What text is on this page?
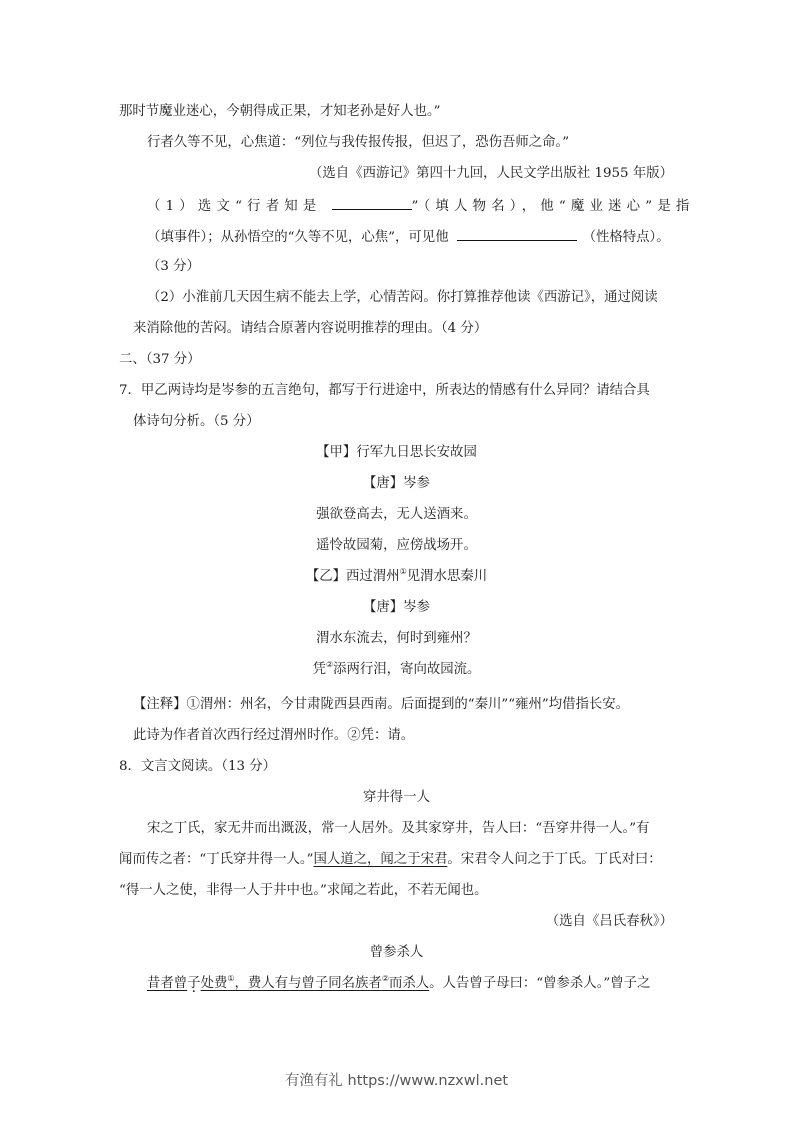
那时节魔业迷心，今朝得成正果，才知老孙是好人也。”
行者久等不见，心焦道：“列位与我传报传报，但迟了，恐伤吾师之命。”
（选自《西游记》第四十九回，人民文学出版社 1955 年版）
（1）选文“行者知是	”（填人物名），他“魔业迷心”是指
（填事件）；从孙悟空的“久等不见，心焦”，可见他	（性格特点）。
（3 分）
（2）小淮前几天因生病不能去上学，心情苦闷。你打算推荐他读《西游记》，通过阅读
来消除他的苦闷。请结合原著内容说明推荐的理由。（4 分）
二、（37 分）
7．甲乙两诗均是岑参的五言绝句，都写于行进途中，所表达的情感有什么异同？请结合具
体诗句分析。（5 分）
【甲】行军九日思长安故园
【唐】岑参
强欲登高去，无人送酒来。
遥怜故园菊，应傍战场开。
【乙】西过渭州①见渭水思秦川
【唐】岑参
渭水东流去，何时到雍州？
凭②添两行泪，寄向故园流。
【注释】①渭州：州名，今甘肃陇西县西南。后面提到的“秦川”“雍州”均借指长安。
此诗为作者首次西行经过渭州时作。②凭：请。
8．文言文阅读。（13 分）
穿井得一人
宋之丁氏，家无井而出溉汲，常一人居外。及其家穿井，告人曰：“吾穿井得一人。”有
闻而传之者：“丁氏穿井得一人。”国人道之，闻之于宋君。宋君令人问之于丁氏。丁氏对曰：
“得一人之使，非得一人于井中也。”求闻之若此，不若无闻也。
（选自《吕氏春秋》）
曾参杀人
昔者曾子处费①，费人有与曾子同名族者②而杀人。人告曾子母曰：“曾参杀人。”曾子之
有渔有礼 https://www.nzxwl.net
